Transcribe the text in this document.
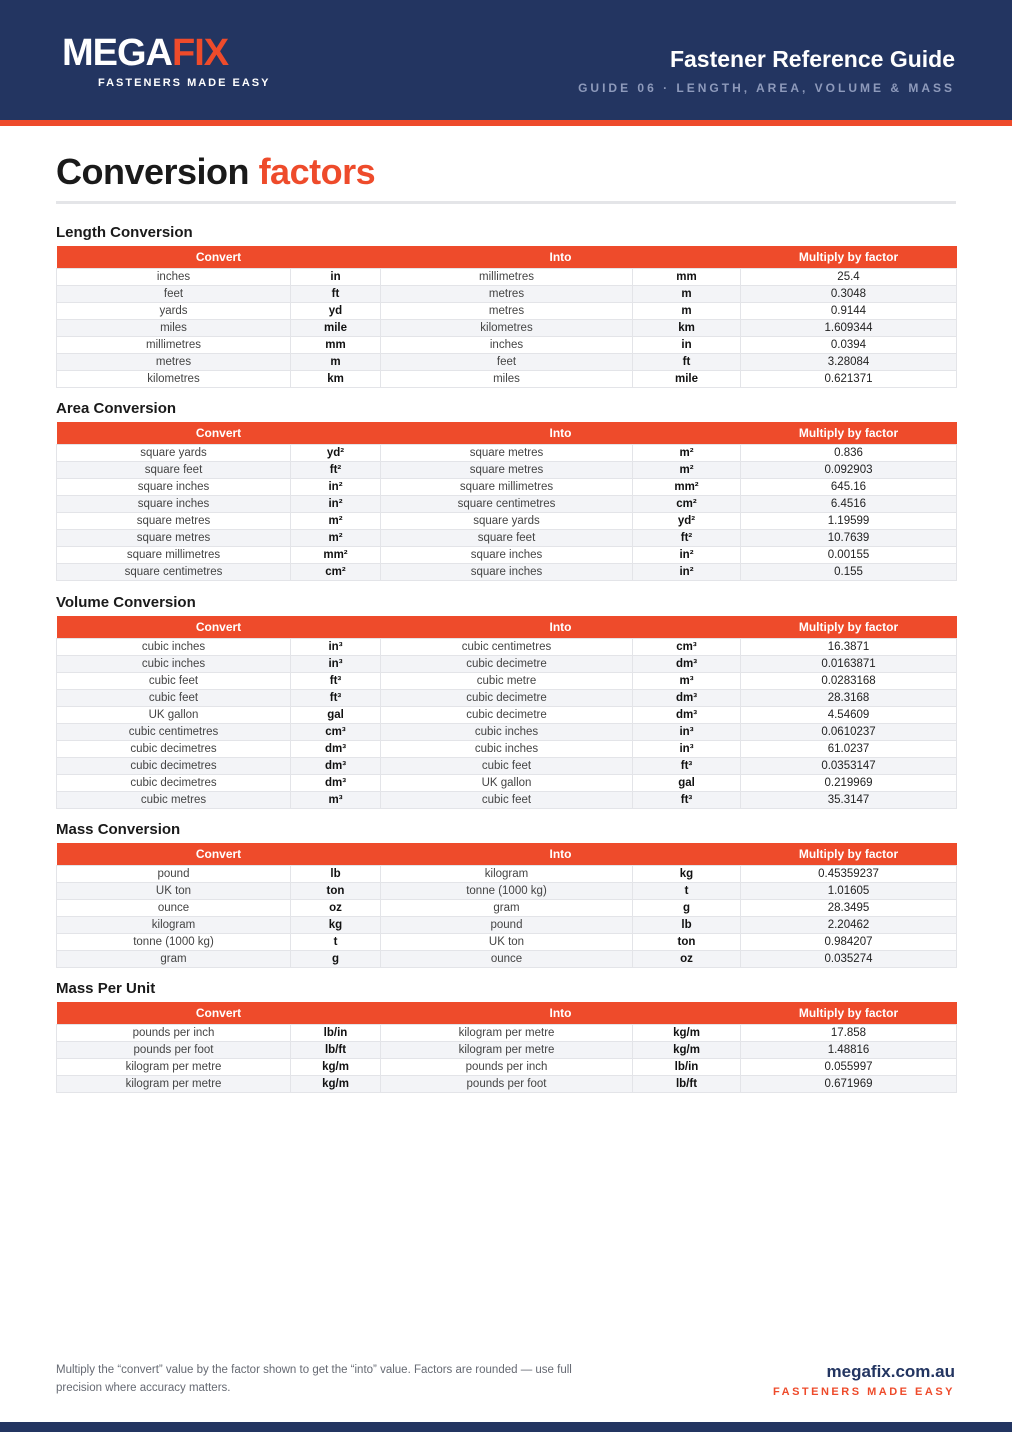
MEGAFIX
FASTENERS MADE EASY
Fastener Reference Guide
GUIDE 06 · LENGTH, AREA, VOLUME & MASS
Conversion factors
Length Conversion
Convert		Into		Multiply by factor
inches	in	millimetres	mm	25.4
feet	ft	metres	m	0.3048
yards	yd	metres	m	0.9144
miles	mile	kilometres	km	1.609344
millimetres	mm	inches	in	0.0394
metres	m	feet	ft	3.28084
kilometres	km	miles	mile	0.621371
Area Conversion
Convert		Into		Multiply by factor
square yards	yd²	square metres	m²	0.836
square feet	ft²	square metres	m²	0.092903
square inches	in²	square millimetres	mm²	645.16
square inches	in²	square centimetres	cm²	6.4516
square metres	m²	square yards	yd²	1.19599
square metres	m²	square feet	ft²	10.7639
square millimetres	mm²	square inches	in²	0.00155
square centimetres	cm²	square inches	in²	0.155
Volume Conversion
Convert		Into		Multiply by factor
cubic inches	in³	cubic centimetres	cm³	16.3871
cubic inches	in³	cubic decimetre	dm³	0.0163871
cubic feet	ft³	cubic metre	m³	0.0283168
cubic feet	ft³	cubic decimetre	dm³	28.3168
UK gallon	gal	cubic decimetre	dm³	4.54609
cubic centimetres	cm³	cubic inches	in³	0.0610237
cubic decimetres	dm³	cubic inches	in³	61.0237
cubic decimetres	dm³	cubic feet	ft³	0.0353147
cubic decimetres	dm³	UK gallon	gal	0.219969
cubic metres	m³	cubic feet	ft³	35.3147
Mass Conversion
Convert		Into		Multiply by factor
pound	lb	kilogram	kg	0.45359237
UK ton	ton	tonne (1000 kg)	t	1.01605
ounce	oz	gram	g	28.3495
kilogram	kg	pound	lb	2.20462
tonne (1000 kg)	t	UK ton	ton	0.984207
gram	g	ounce	oz	0.035274
Mass Per Unit
Convert		Into		Multiply by factor
pounds per inch	lb/in	kilogram per metre	kg/m	17.858
pounds per foot	lb/ft	kilogram per metre	kg/m	1.48816
kilogram per metre	kg/m	pounds per inch	lb/in	0.055997
kilogram per metre	kg/m	pounds per foot	lb/ft	0.671969
Multiply the “convert” value by the factor shown to get the “into” value. Factors are rounded — use full precision where accuracy matters.
megafix.com.au
FASTENERS MADE EASY
